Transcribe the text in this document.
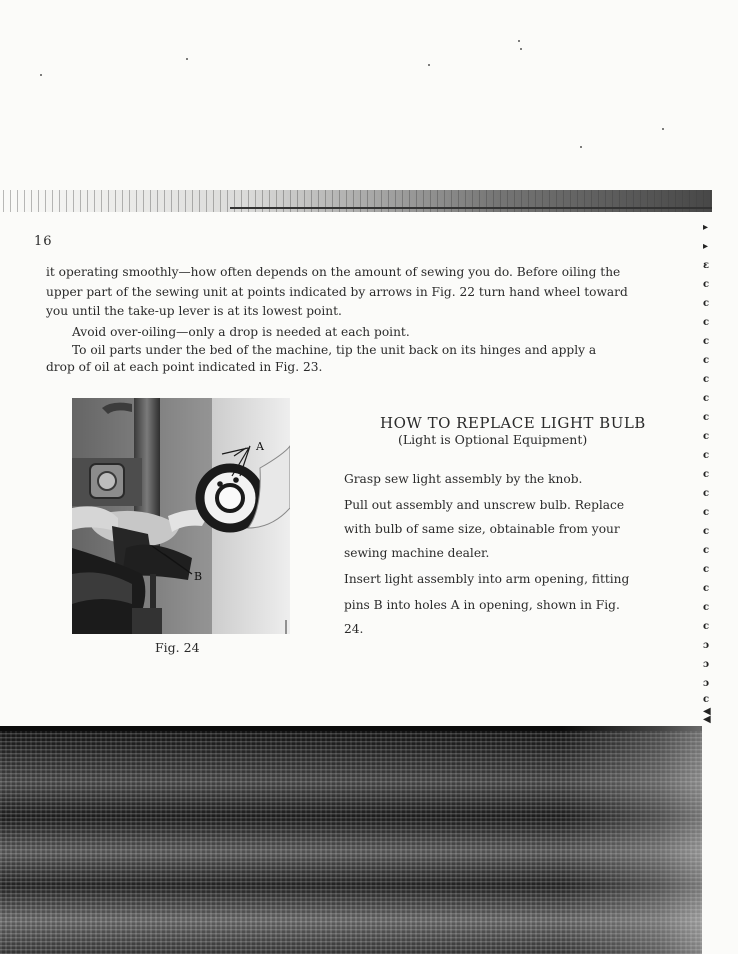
16
it operating smoothly—how often depends on the amount of sewing you do. Before oiling the
upper part of the sewing unit at points indicated by arrows in Fig. 22 turn hand wheel toward
you until the take-up lever is at its lowest point.
Avoid over-oiling—only a drop is needed at each point.
To oil parts under the bed of the machine, tip the unit back on its hinges and apply a
drop of oil at each point indicated in Fig. 23.
A
B
Fig. 24
HOW TO REPLACE LIGHT BULB
(Light is Optional Equipment)
Grasp sew light assembly by the knob.
Pull out assembly and unscrew bulb. Replace
with bulb of same size, obtainable from your
sewing machine dealer.
Insert light assembly into arm opening, fitting
pins B into holes A in opening, shown in Fig.
24.
▸
▸
ɛ
c
c
c
c
c
c
c
c
c
c
c
c
c
c
c
c
c
c
c
ɔ
ɔ
ɔ
c
◀
◀
